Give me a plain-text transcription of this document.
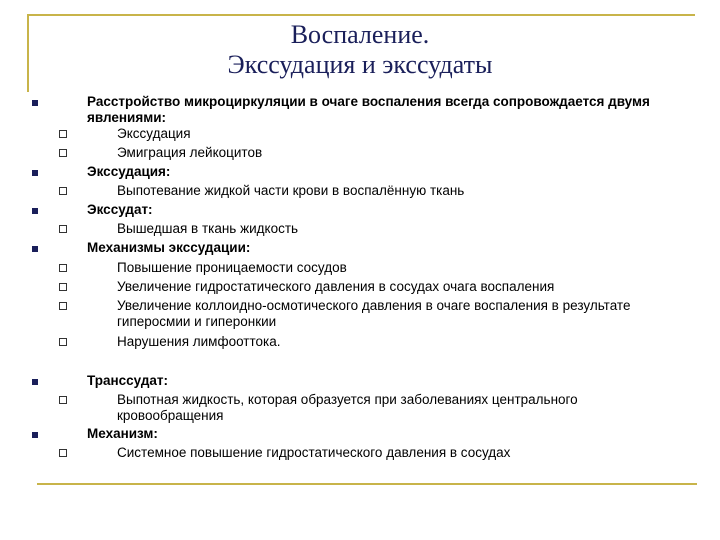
Воспаление.
Экссудация и экссудаты
Расстройство микроциркуляции в очаге воспаления всегда сопровождается двумя явлениями:
Экссудация
Эмиграция лейкоцитов
Экссудация:
Выпотевание жидкой части крови в воспалённую ткань
Экссудат:
Вышедшая в ткань жидкость
Механизмы экссудации:
Повышение проницаемости сосудов
Увеличение гидростатического давления в сосудах очага воспаления
Увеличение коллоидно-осмотического давления в очаге воспаления в результате гиперосмии и гиперонкии
Нарушения лимфооттока.
Транссудат:
Выпотная жидкость, которая образуется при заболеваниях центрального кровообращения
Механизм:
Системное повышение гидростатического давления в сосудах
